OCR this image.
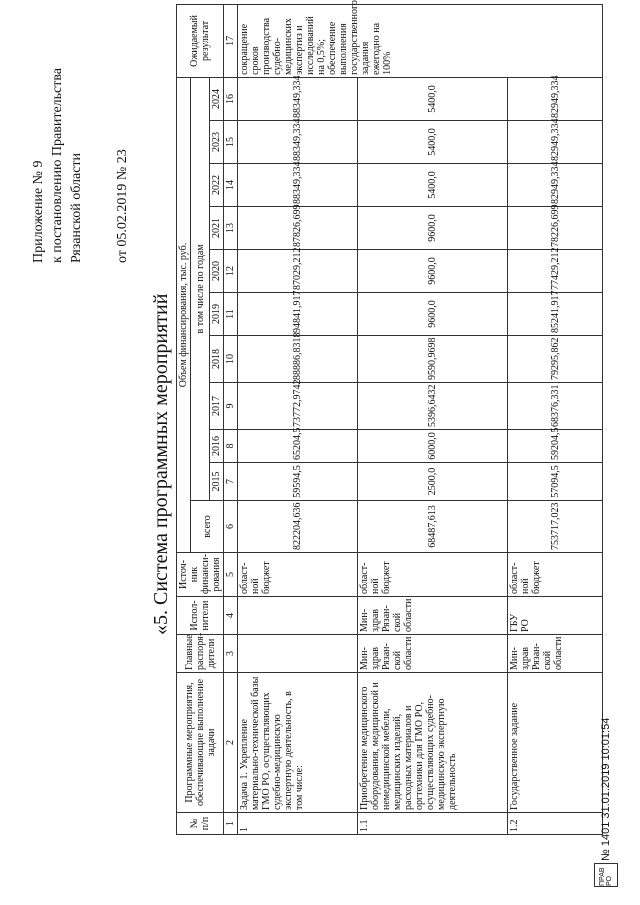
Приложение № 9 к постановлению Правительства Рязанской области от 05.02.2019 № 23
«5. Система программных мероприятий
№ п/п	Программные мероприятия, обеспечивающие выполнение задачи	Главные распоря- дители	Испол- нители	Источ- ник финанси- рования	Объем финансирования, тыс. руб.											Ожидаемый результат
					всего	в том числе по годам										
						2015	2016	2017	2018	2019	2020	2021	2022	2023	2024	
1	2	3	4	5	6	7	8	9	10	11	12	13	14	15	16	17
1	Задача 1. Укрепление материально-технической базы ГМО РО, осуществляющих судебно-медицинскую экспертную деятельность, в том числе:			област- ной бюджет	822204,636	59594,5	65204,5	73772,9742	88886,8318	94841,917	87029,212	87826,699	88349,334	88349,334	88349,334	сокращение сроков производства судебно-медицинских экспертиз и исследований на 0,5%; обеспечение выполнения государственного задания ежегодно на 100%
1.1	Приобретение медицинского оборудования, медицинской и немедицинской мебели, медицинских изделий, расходных материалов и оргтехники для ГМО РО, осуществляющих судебно-медицинскую экспертную деятельность	Мин- здрав Рязан- ской области	Мин- здрав Рязан- ской области	област- ной бюджет	68487,613	2500,0	6000,0	5396,6432	9590,9698	9600,0	9600,0	9600,0	5400,0	5400,0	5400,0	
1.2	Государственное задание	Мин- здрав Рязан- ской области	ГБУ РО	област- ной бюджет	753717,023	57094,5	59204,5	68376,331	79295,862	85241,917	77429,212	78226,699	82949,334	82949,334	82949,334	
ПРАВ РО
№ 1401 31.01.2019 10:01:54
